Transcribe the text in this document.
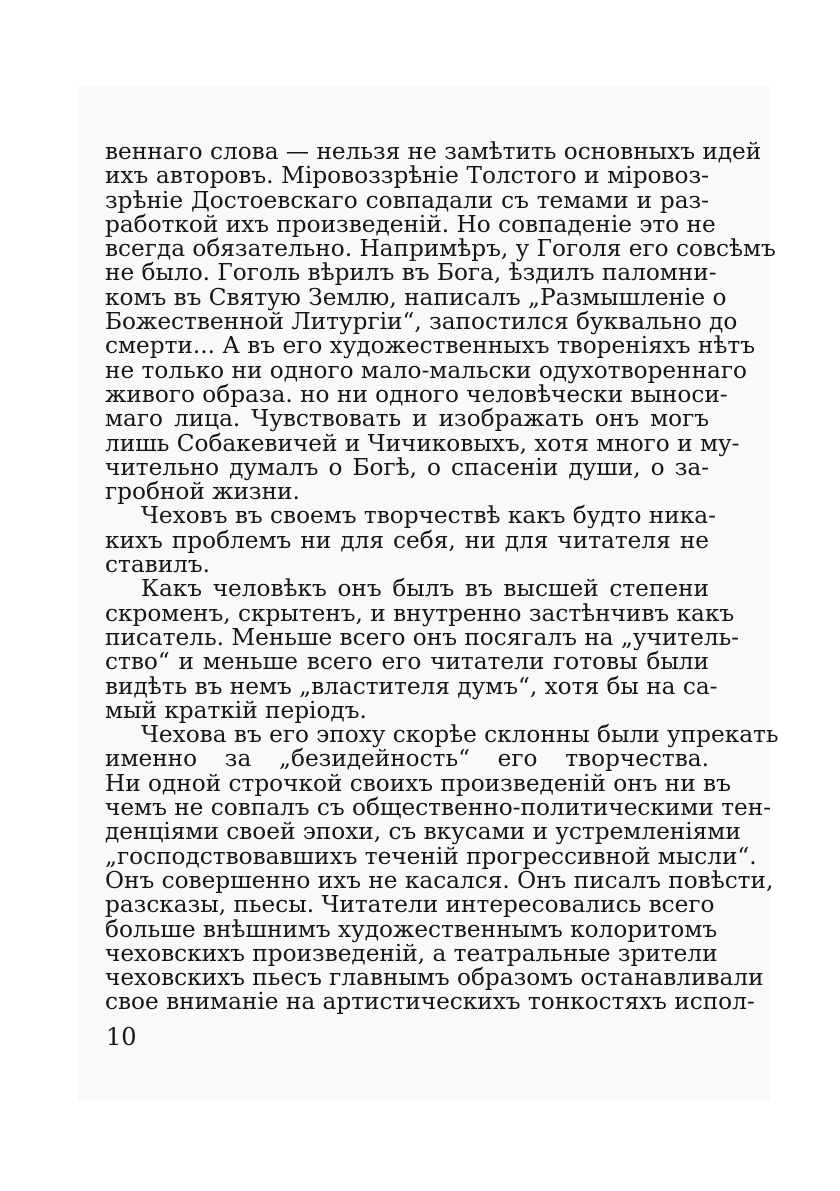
веннаго слова — нельзя не замѣтить основныхъ идей
ихъ авторовъ. Міровоззрѣніе Толстого и міровоз-
зрѣніе Достоевскаго совпадали съ темами и раз-
работкой ихъ произведеній. Но совпаденіе это не
всегда обязательно. Напримѣръ, у Гоголя его совсѣмъ
не было. Гоголь вѣрилъ въ Бога, ѣздилъ паломни-
комъ въ Святую Землю, написалъ „Размышленіе о
Божественной Литургіи“, запостился буквально до
смерти... А въ его художественныхъ твореніяхъ нѣтъ
не только ни одного мало-мальски одухотвореннаго
живого образа. но ни одного человѣчески выноси-
маго лица. Чувствовать и изображать онъ могъ
лишь Собакевичей и Чичиковыхъ, хотя много и му-
чительно думалъ о Богѣ, о спасеніи души, о за-
гробной жизни.
Чеховъ въ своемъ творчествѣ какъ будто ника-
кихъ проблемъ ни для себя, ни для читателя не
ставилъ.
Какъ человѣкъ онъ былъ въ высшей степени
скроменъ, скрытенъ, и внутренно застѣнчивъ какъ
писатель. Меньше всего онъ посягалъ на „учитель-
ство“ и меньше всего его читатели готовы были
видѣть въ немъ „властителя думъ“, хотя бы на са-
мый краткій періодъ.
Чехова въ его эпоху скорѣе склонны были упрекать
именно за „безидейность“ его творчества.
Ни одной строчкой своихъ произведеній онъ ни въ
чемъ не совпалъ съ общественно-политическими тен-
денціями своей эпохи, съ вкусами и устремленіями
„господствовавшихъ теченій прогрессивной мысли“.
Онъ совершенно ихъ не касался. Онъ писалъ повѣсти,
разсказы, пьесы. Читатели интересовались всего
больше внѣшнимъ художественнымъ колоритомъ
чеховскихъ произведеній, а театральные зрители
чеховскихъ пьесъ главнымъ образомъ останавливали
свое вниманіе на артистическихъ тонкостяхъ испол-
10
